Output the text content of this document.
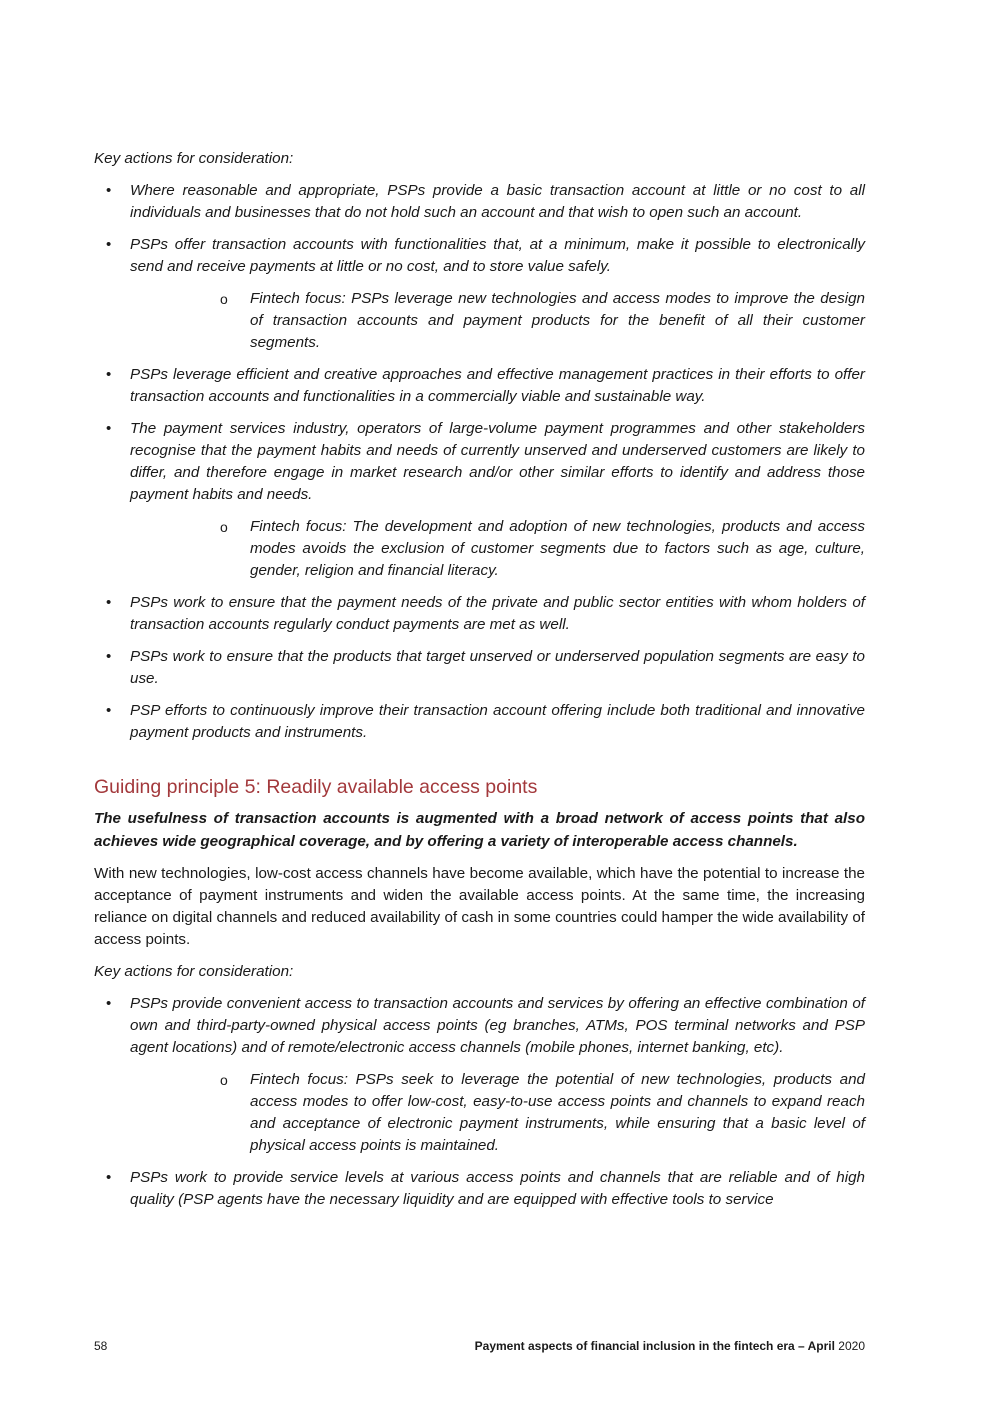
Key actions for consideration:

• Where reasonable and appropriate, PSPs provide a basic transaction account at little or no cost to all individuals and businesses that do not hold such an account and that wish to open such an account.
• PSPs offer transaction accounts with functionalities that, at a minimum, make it possible to electronically send and receive payments at little or no cost, and to store value safely.
o Fintech focus: PSPs leverage new technologies and access modes to improve the design of transaction accounts and payment products for the benefit of all their customer segments.
• PSPs leverage efficient and creative approaches and effective management practices in their efforts to offer transaction accounts and functionalities in a commercially viable and sustainable way.
• The payment services industry, operators of large-volume payment programmes and other stakeholders recognise that the payment habits and needs of currently unserved and underserved customers are likely to differ, and therefore engage in market research and/or other similar efforts to identify and address those payment habits and needs.
o Fintech focus: The development and adoption of new technologies, products and access modes avoids the exclusion of customer segments due to factors such as age, culture, gender, religion and financial literacy.
• PSPs work to ensure that the payment needs of the private and public sector entities with whom holders of transaction accounts regularly conduct payments are met as well.
• PSPs work to ensure that the products that target unserved or underserved population segments are easy to use.
• PSP efforts to continuously improve their transaction account offering include both traditional and innovative payment products and instruments.
Guiding principle 5: Readily available access points

The usefulness of transaction accounts is augmented with a broad network of access points that also achieves wide geographical coverage, and by offering a variety of interoperable access channels.

With new technologies, low-cost access channels have become available, which have the potential to increase the acceptance of payment instruments and widen the available access points. At the same time, the increasing reliance on digital channels and reduced availability of cash in some countries could hamper the wide availability of access points.

Key actions for consideration:

• PSPs provide convenient access to transaction accounts and services by offering an effective combination of own and third-party-owned physical access points (eg branches, ATMs, POS terminal networks and PSP agent locations) and of remote/electronic access channels (mobile phones, internet banking, etc).
o Fintech focus: PSPs seek to leverage the potential of new technologies, products and access modes to offer low-cost, easy-to-use access points and channels to expand reach and acceptance of electronic payment instruments, while ensuring that a basic level of physical access points is maintained.
• PSPs work to provide service levels at various access points and channels that are reliable and of high quality (PSP agents have the necessary liquidity and are equipped with effective tools to service
58	Payment aspects of financial inclusion in the fintech era – April 2020
